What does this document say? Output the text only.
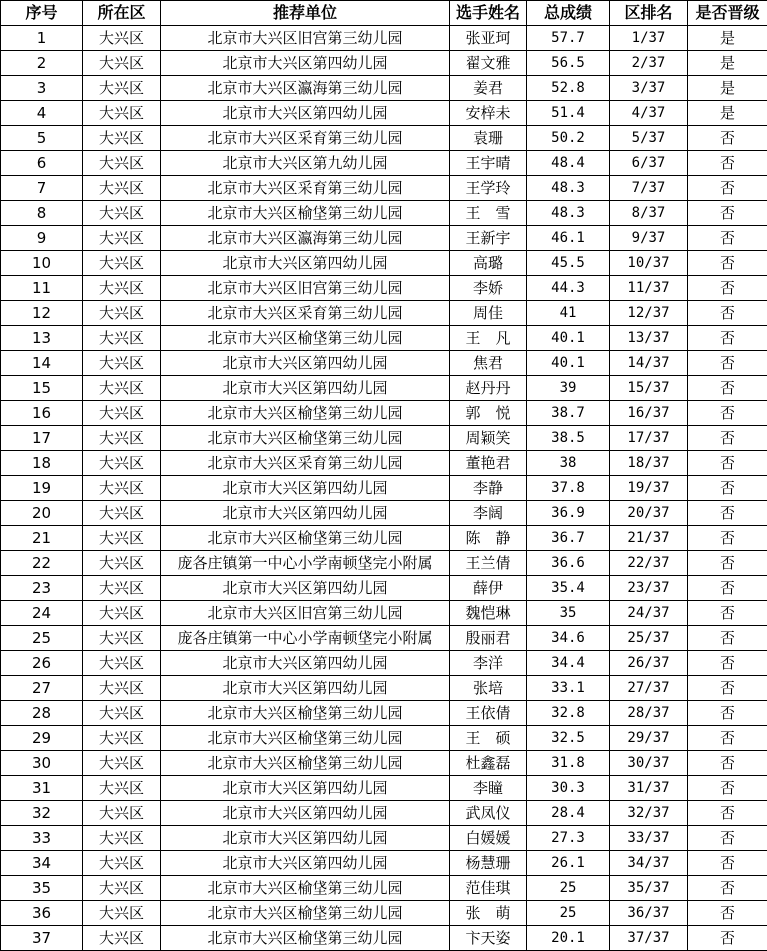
序号	所在区	推荐单位	选手姓名	总成绩	区排名	是否晋级
1	大兴区	北京市大兴区旧宫第三幼儿园	张亚珂	57.7	1/37	是
2	大兴区	北京市大兴区第四幼儿园	翟文雅	56.5	2/37	是
3	大兴区	北京市大兴区瀛海第三幼儿园	姜君	52.8	3/37	是
4	大兴区	北京市大兴区第四幼儿园	安梓未	51.4	4/37	是
5	大兴区	北京市大兴区采育第三幼儿园	袁珊	50.2	5/37	否
6	大兴区	北京市大兴区第九幼儿园	王宇晴	48.4	6/37	否
7	大兴区	北京市大兴区采育第三幼儿园	王学玲	48.3	7/37	否
8	大兴区	北京市大兴区榆垡第三幼儿园	王　雪	48.3	8/37	否
9	大兴区	北京市大兴区瀛海第三幼儿园	王新宇	46.1	9/37	否
10	大兴区	北京市大兴区第四幼儿园	高璐	45.5	10/37	否
11	大兴区	北京市大兴区旧宫第三幼儿园	李娇	44.3	11/37	否
12	大兴区	北京市大兴区采育第三幼儿园	周佳	41	12/37	否
13	大兴区	北京市大兴区榆垡第三幼儿园	王　凡	40.1	13/37	否
14	大兴区	北京市大兴区第四幼儿园	焦君	40.1	14/37	否
15	大兴区	北京市大兴区第四幼儿园	赵丹丹	39	15/37	否
16	大兴区	北京市大兴区榆垡第三幼儿园	郭　悦	38.7	16/37	否
17	大兴区	北京市大兴区榆垡第三幼儿园	周颖笑	38.5	17/37	否
18	大兴区	北京市大兴区采育第三幼儿园	董艳君	38	18/37	否
19	大兴区	北京市大兴区第四幼儿园	李静	37.8	19/37	否
20	大兴区	北京市大兴区第四幼儿园	李阔	36.9	20/37	否
21	大兴区	北京市大兴区榆垡第三幼儿园	陈　静	36.7	21/37	否
22	大兴区	庞各庄镇第一中心小学南顿垡完小附属	王兰倩	36.6	22/37	否
23	大兴区	北京市大兴区第四幼儿园	薛伊	35.4	23/37	否
24	大兴区	北京市大兴区旧宫第三幼儿园	魏恺琳	35	24/37	否
25	大兴区	庞各庄镇第一中心小学南顿垡完小附属	殷丽君	34.6	25/37	否
26	大兴区	北京市大兴区第四幼儿园	李洋	34.4	26/37	否
27	大兴区	北京市大兴区第四幼儿园	张培	33.1	27/37	否
28	大兴区	北京市大兴区榆垡第三幼儿园	王依倩	32.8	28/37	否
29	大兴区	北京市大兴区榆垡第三幼儿园	王　硕	32.5	29/37	否
30	大兴区	北京市大兴区榆垡第三幼儿园	杜鑫磊	31.8	30/37	否
31	大兴区	北京市大兴区第四幼儿园	李瞳	30.3	31/37	否
32	大兴区	北京市大兴区第四幼儿园	武凤仪	28.4	32/37	否
33	大兴区	北京市大兴区第四幼儿园	白媛媛	27.3	33/37	否
34	大兴区	北京市大兴区第四幼儿园	杨慧珊	26.1	34/37	否
35	大兴区	北京市大兴区榆垡第三幼儿园	范佳琪	25	35/37	否
36	大兴区	北京市大兴区榆垡第三幼儿园	张　萌	25	36/37	否
37	大兴区	北京市大兴区榆垡第三幼儿园	卞天姿	20.1	37/37	否
